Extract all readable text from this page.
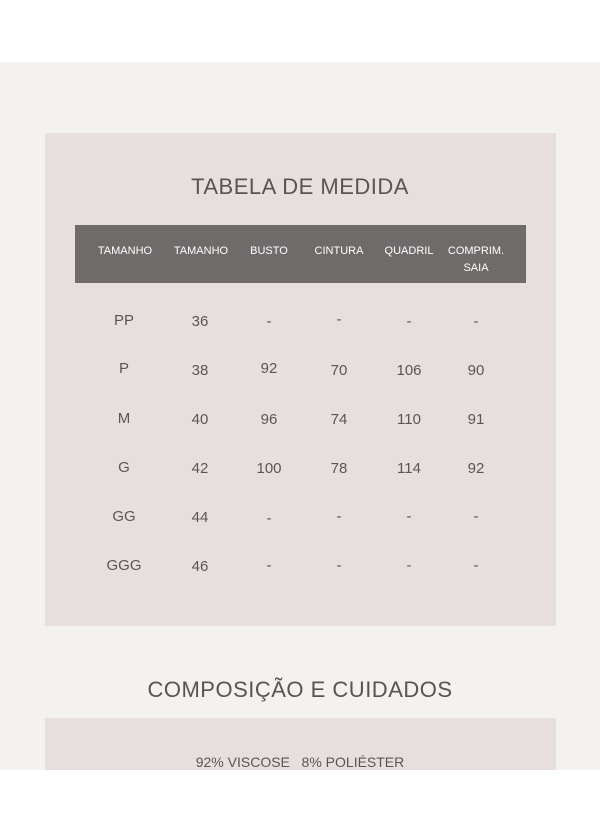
TABELA DE MEDIDA
TAMANHO TAMANHO BUSTO CINTURA QUADRIL COMPRIM.
SAIA
PP	36	-	-	-	-
P	38	92	70	106	90
M	40	96	74	110	91
G	42	100	78	114	92
GG	44	-	-	-	-
GGG	46	-	-	-	-
COMPOSIÇÃO E CUIDADOS
92% VISCOSE   8% POLIÉSTER
